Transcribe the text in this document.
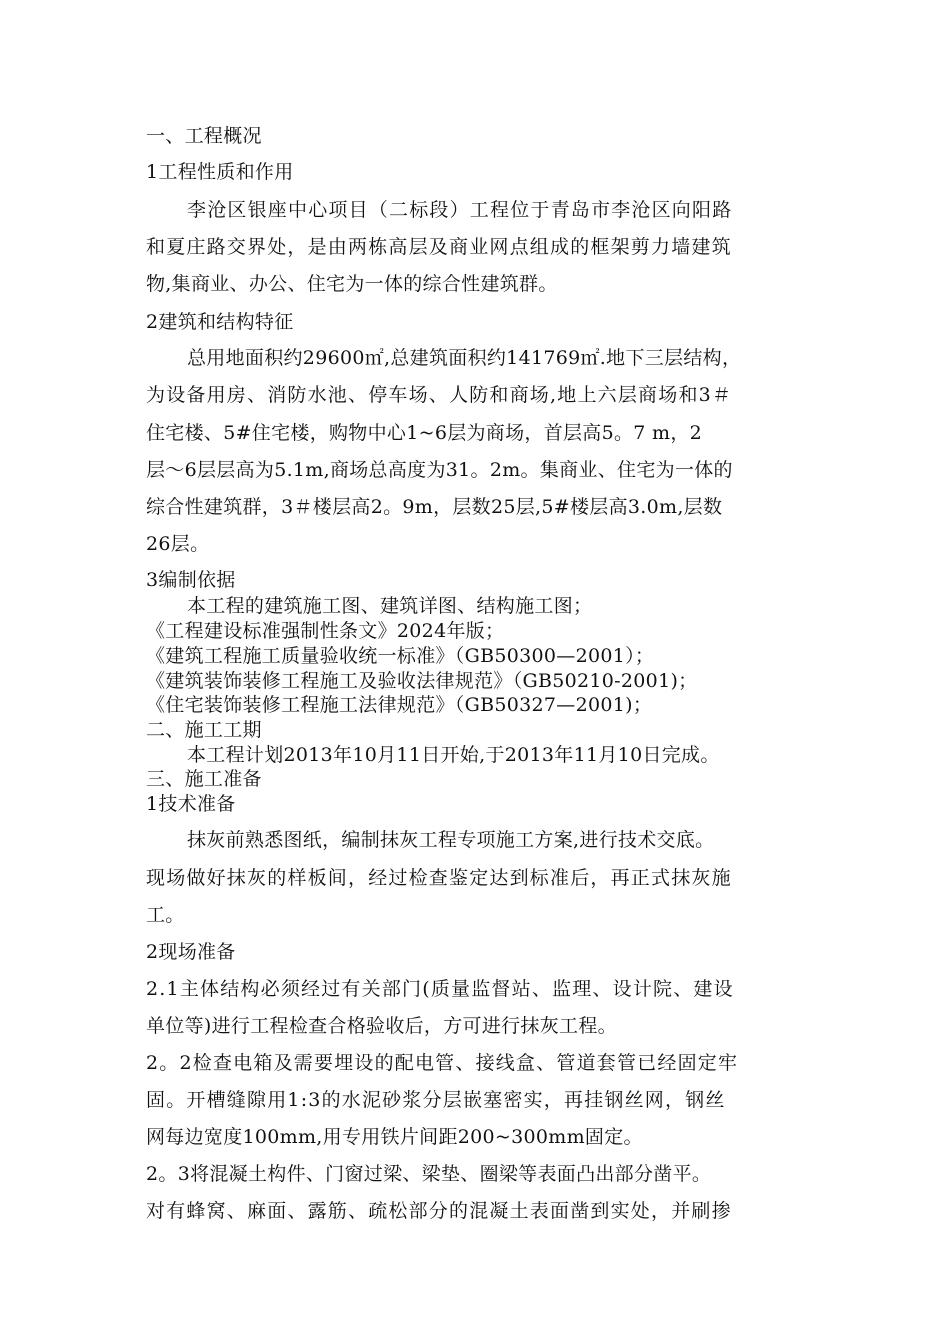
一、工程概况
1工程性质和作用
李沧区银座中心项目（二标段）工程位于青岛市李沧区向阳路
和夏庄路交界处，是由两栋高层及商业网点组成的框架剪力墙建筑
物,集商业、办公、住宅为一体的综合性建筑群。
2建筑和结构特征
总用地面积约29600㎡,总建筑面积约141769㎡.地下三层结构，
为设备用房、消防水池、停车场、人防和商场,地上六层商场和3＃
住宅楼、5#住宅楼，购物中心1~6层为商场，首层高5。7 m，2
层～6层层高为5.1m,商场总高度为31。2m。集商业、住宅为一体的
综合性建筑群，3＃楼层高2。9m，层数25层,5#楼层高3.0m,层数
26层。
3编制依据
本工程的建筑施工图、建筑详图、结构施工图；
《工程建设标准强制性条文》2024年版；
《建筑工程施工质量验收统一标准》（GB50300—2001）；
《建筑装饰装修工程施工及验收法律规范》（GB50210-2001)；
《住宅装饰装修工程施工法律规范》（GB50327—2001)；
二、施工工期
本工程计划2013年10月11日开始,于2013年11月10日完成。
三、施工准备
1技术准备
抹灰前熟悉图纸，编制抹灰工程专项施工方案,进行技术交底。
现场做好抹灰的样板间，经过检查鉴定达到标准后，再正式抹灰施
工。
2现场准备
2.1主体结构必须经过有关部门(质量监督站、监理、设计院、建设
单位等)进行工程检查合格验收后，方可进行抹灰工程。
2。2检查电箱及需要埋设的配电管、接线盒、管道套管已经固定牢
固。开槽缝隙用1:3的水泥砂浆分层嵌塞密实，再挂钢丝网，钢丝
网每边宽度100mm,用专用铁片间距200~300mm固定。
2。3将混凝土构件、门窗过梁、梁垫、圈梁等表面凸出部分凿平。
对有蜂窝、麻面、露筋、疏松部分的混凝土表面凿到实处，并刷掺
